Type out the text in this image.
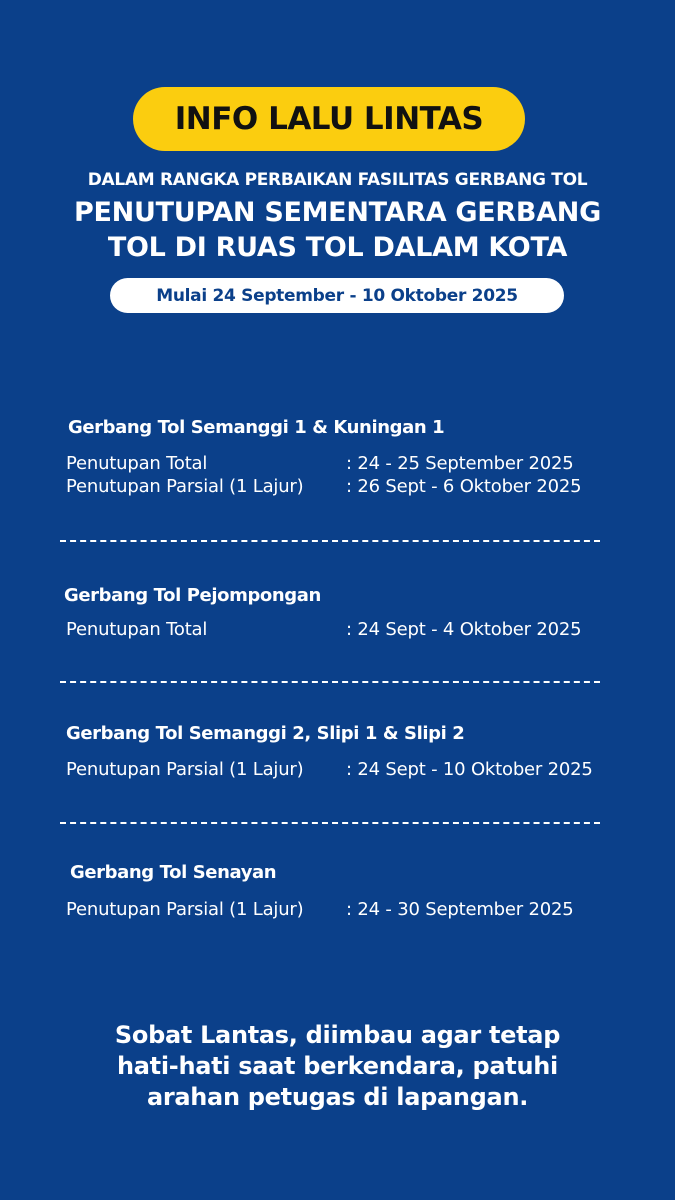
INFO LALU LINTAS
DALAM RANGKA PERBAIKAN FASILITAS GERBANG TOL
PENUTUPAN SEMENTARA GERBANG
TOL DI RUAS TOL DALAM KOTA
Mulai 24 September - 10 Oktober 2025
Gerbang Tol Semanggi 1 & Kuningan 1
Penutupan Total	: 24 - 25 September 2025
Penutupan Parsial (1 Lajur) : 26 Sept - 6 Oktober 2025
Gerbang Tol Pejompongan
Penutupan Total	: 24 Sept - 4 Oktober 2025
Gerbang Tol Semanggi 2, Slipi 1 & Slipi 2
Penutupan Parsial (1 Lajur) : 24 Sept - 10 Oktober 2025
Gerbang Tol Senayan
Penutupan Parsial (1 Lajur) : 24 - 30 September 2025
Sobat Lantas, diimbau agar tetap
hati-hati saat berkendara, patuhi
arahan petugas di lapangan.
